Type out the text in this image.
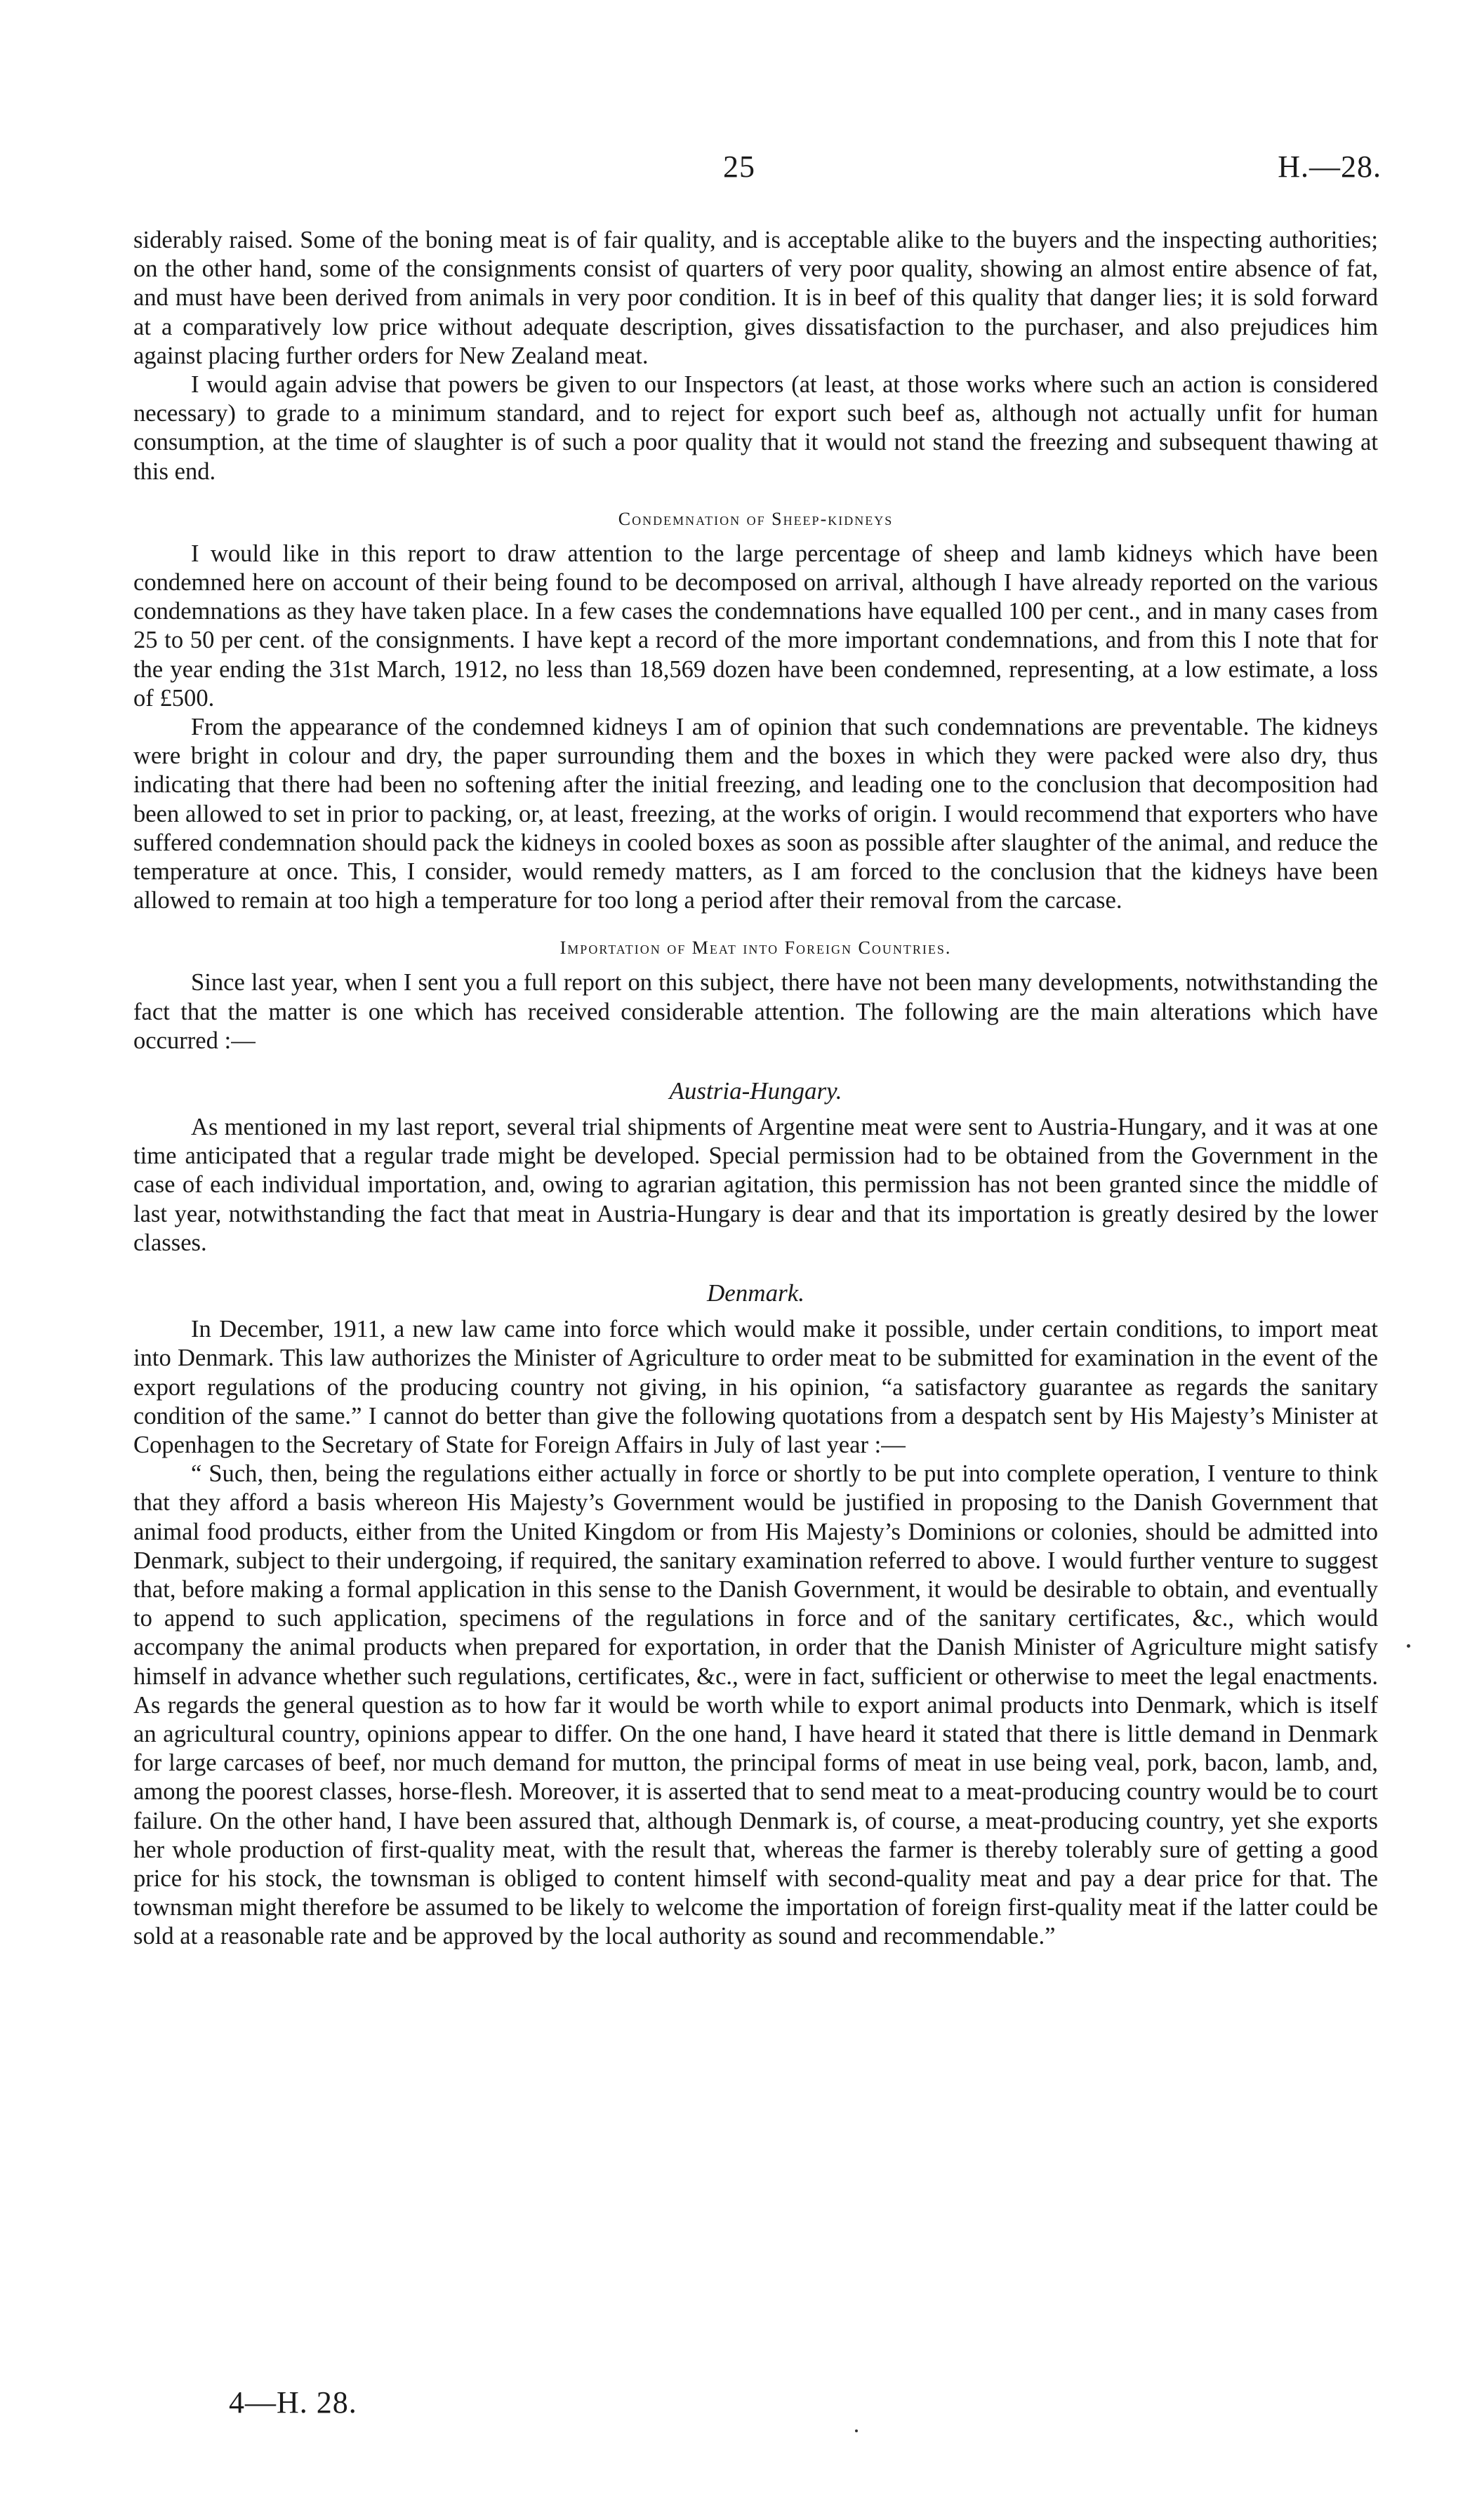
25	H.—28.

siderably raised. Some of the boning meat is of fair quality, and is acceptable alike to the buyers and the inspecting authorities; on the other hand, some of the consignments consist of quarters of very poor quality, showing an almost entire absence of fat, and must have been derived from animals in very poor condition. It is in beef of this quality that danger lies; it is sold forward at a comparatively low price without adequate description, gives dissatisfaction to the purchaser, and also prejudices him against placing further orders for New Zealand meat.

I would again advise that powers be given to our Inspectors (at least, at those works where such an action is considered necessary) to grade to a minimum standard, and to reject for export such beef as, although not actually unfit for human consumption, at the time of slaughter is of such a poor quality that it would not stand the freezing and subsequent thawing at this end.

Condemnation of Sheep-kidneys

I would like in this report to draw attention to the large percentage of sheep and lamb kidneys which have been condemned here on account of their being found to be decomposed on arrival, although I have already reported on the various condemnations as they have taken place. In a few cases the condemnations have equalled 100 per cent., and in many cases from 25 to 50 per cent. of the consignments. I have kept a record of the more important condemnations, and from this I note that for the year ending the 31st March, 1912, no less than 18,569 dozen have been condemned, representing, at a low estimate, a loss of £500.

From the appearance of the condemned kidneys I am of opinion that such condemnations are preventable. The kidneys were bright in colour and dry, the paper surrounding them and the boxes in which they were packed were also dry, thus indicating that there had been no softening after the initial freezing, and leading one to the conclusion that decomposition had been allowed to set in prior to packing, or, at least, freezing, at the works of origin. I would recommend that exporters who have suffered condemnation should pack the kidneys in cooled boxes as soon as possible after slaughter of the animal, and reduce the temperature at once. This, I consider, would remedy matters, as I am forced to the conclusion that the kidneys have been allowed to remain at too high a temperature for too long a period after their removal from the carcase.

Importation of Meat into Foreign Countries.

Since last year, when I sent you a full report on this subject, there have not been many developments, notwithstanding the fact that the matter is one which has received considerable attention. The following are the main alterations which have occurred :—

Austria-Hungary.

As mentioned in my last report, several trial shipments of Argentine meat were sent to Austria-Hungary, and it was at one time anticipated that a regular trade might be developed. Special permission had to be obtained from the Government in the case of each individual importation, and, owing to agrarian agitation, this permission has not been granted since the middle of last year, notwithstanding the fact that meat in Austria-Hungary is dear and that its importation is greatly desired by the lower classes.

Denmark.

In December, 1911, a new law came into force which would make it possible, under certain conditions, to import meat into Denmark. This law authorizes the Minister of Agriculture to order meat to be submitted for examination in the event of the export regulations of the producing country not giving, in his opinion, “a satisfactory guarantee as regards the sanitary condition of the same.” I cannot do better than give the following quotations from a despatch sent by His Majesty’s Minister at Copenhagen to the Secretary of State for Foreign Affairs in July of last year :—

“ Such, then, being the regulations either actually in force or shortly to be put into complete operation, I venture to think that they afford a basis whereon His Majesty’s Government would be justified in proposing to the Danish Government that animal food products, either from the United Kingdom or from His Majesty’s Dominions or colonies, should be admitted into Denmark, subject to their undergoing, if required, the sanitary examination referred to above. I would further venture to suggest that, before making a formal application in this sense to the Danish Government, it would be desirable to obtain, and eventually to append to such application, specimens of the regulations in force and of the sanitary certificates, &c., which would accompany the animal products when prepared for exportation, in order that the Danish Minister of Agriculture might satisfy himself in advance whether such regulations, certificates, &c., were in fact, sufficient or otherwise to meet the legal enactments. As regards the general question as to how far it would be worth while to export animal products into Denmark, which is itself an agricultural country, opinions appear to differ. On the one hand, I have heard it stated that there is little demand in Denmark for large carcases of beef, nor much demand for mutton, the principal forms of meat in use being veal, pork, bacon, lamb, and, among the poorest classes, horse-flesh. Moreover, it is asserted that to send meat to a meat-producing country would be to court failure. On the other hand, I have been assured that, although Denmark is, of course, a meat-producing country, yet she exports her whole production of first-quality meat, with the result that, whereas the farmer is thereby tolerably sure of getting a good price for his stock, the townsman is obliged to content himself with second-quality meat and pay a dear price for that. The townsman might therefore be assumed to be likely to welcome the importation of foreign first-quality meat if the latter could be sold at a reasonable rate and be approved by the local authority as sound and recommendable.”

4—H. 28.
